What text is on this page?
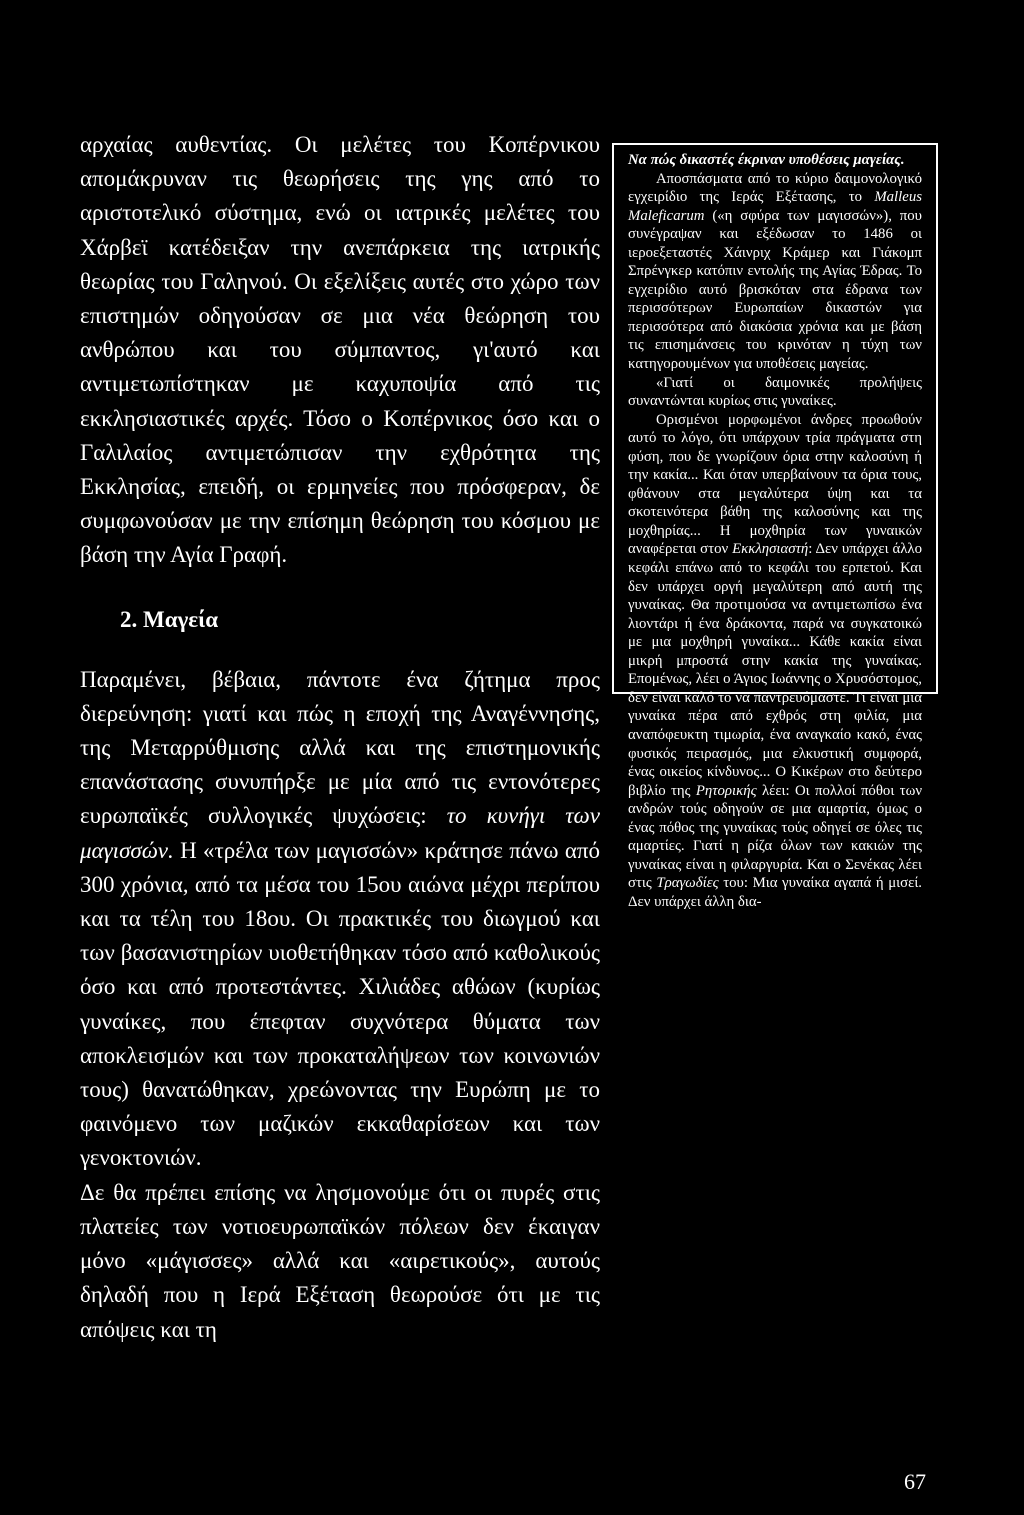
αρχαίας αυθεντίας. Οι μελέτες του Κοπέρνικου απομάκρυναν τις θεωρήσεις της γης από το αριστοτελικό σύστημα, ενώ οι ιατρικές μελέτες του Χάρβεϊ κατέδειξαν την ανεπάρκεια της ιατρικής θεωρίας του Γαληνού. Οι εξελίξεις αυτές στο χώρο των επιστημών οδηγούσαν σε μια νέα θεώρηση του ανθρώπου και του σύμπαντος, γι'αυτό και αντιμετωπίστηκαν με καχυποψία από τις εκκλησιαστικές αρχές. Τόσο ο Κοπέρνικος όσο και ο Γαλιλαίος αντιμετώπισαν την εχθρότητα της Εκκλησίας, επειδή, οι ερμηνείες που πρόσφεραν, δε συμφωνούσαν με την επίσημη θεώρηση του κόσμου με βάση την Αγία Γραφή.

2. Μαγεία

Παραμένει, βέβαια, πάντοτε ένα ζήτημα προς διερεύνηση: γιατί και πώς η εποχή της Αναγέννησης, της Μεταρρύθμισης αλλά και της επιστημονικής επανάστασης συνυπήρξε με μία από τις εντονότερες ευρωπαϊκές συλλογικές ψυχώσεις: το κυνήγι των μαγισσών. Η «τρέλα των μαγισσών» κράτησε πάνω από 300 χρόνια, από τα μέσα του 15ου αιώνα μέχρι περίπου και τα τέλη του 18ου. Οι πρακτικές του διωγμού και των βασανιστηρίων υιοθετήθηκαν τόσο από καθολικούς όσο και από προτεστάντες. Χιλιάδες αθώων (κυρίως γυναίκες, που έπεφταν συχνότερα θύματα των αποκλεισμών και των προκαταλήψεων των κοινωνιών τους) θανατώθηκαν, χρεώνοντας την Ευρώπη με το φαινόμενο των μαζικών εκκαθαρίσεων και των γενοκτονιών.

Δε θα πρέπει επίσης να λησμονούμε ότι οι πυρές στις πλατείες των νοτιοευρωπαϊκών πόλεων δεν έκαιγαν μόνο «μάγισσες» αλλά και «αιρετικούς», αυτούς δηλαδή που η Ιερά Εξέταση θεωρούσε ότι με τις απόψεις και τη

Να πώς δικαστές έκριναν υποθέσεις μαγείας.

Αποσπάσματα από το κύριο δαιμονολογικό εγχειρίδιο της Ιεράς Εξέτασης, το Malleus Maleficarum («η σφύρα των μαγισσών»), που συνέγραψαν και εξέδωσαν το 1486 οι ιεροεξεταστές Χάινριχ Κράμερ και Γιάκομπ Σπρένγκερ κατόπιν εντολής της Αγίας Έδρας. Το εγχειρίδιο αυτό βρισκόταν στα έδρανα των περισσότερων Ευρωπαίων δικαστών για περισσότερα από διακόσια χρόνια και με βάση τις επισημάνσεις του κρινόταν η τύχη των κατηγορουμένων για υποθέσεις μαγείας.

«Γιατί οι δαιμονικές προλήψεις συναντώνται κυρίως στις γυναίκες.

Ορισμένοι μορφωμένοι άνδρες προωθούν αυτό το λόγο, ότι υπάρχουν τρία πράγματα στη φύση, που δε γνωρίζουν όρια στην καλοσύνη ή την κακία... Και όταν υπερβαίνουν τα όρια τους, φθάνουν στα μεγαλύτερα ύψη και τα σκοτεινότερα βάθη της καλοσύνης και της μοχθηρίας... Η μοχθηρία των γυναικών αναφέρεται στον Εκκλησιαστή: Δεν υπάρχει άλλο κεφάλι επάνω από το κεφάλι του ερπετού. Και δεν υπάρχει οργή μεγαλύτερη από αυτή της γυναίκας. Θα προτιμούσα να αντιμετωπίσω ένα λιοντάρι ή ένα δράκοντα, παρά να συγκατοικώ με μια μοχθηρή γυναίκα... Κάθε κακία είναι μικρή μπροστά στην κακία της γυναίκας. Επομένως, λέει ο Άγιος Ιωάννης ο Χρυσόστομος, δεν είναι καλό το να παντρευόμαστε. Τι είναι μια γυναίκα πέρα από εχθρός στη φιλία, μια αναπόφευκτη τιμωρία, ένα αναγκαίο κακό, ένας φυσικός πειρασμός, μια ελκυστική συμφορά, ένας οικείος κίνδυνος... Ο Κικέρων στο δεύτερο βιβλίο της Ρητορικής λέει: Οι πολλοί πόθοι των ανδρών τούς οδηγούν σε μια αμαρτία, όμως ο ένας πόθος της γυναίκας τούς οδηγεί σε όλες τις αμαρτίες. Γιατί η ρίζα όλων των κακιών της γυναίκας είναι η φιλαργυρία. Και ο Σενέκας λέει στις Τραγωδίες του: Μια γυναίκα αγαπά ή μισεί. Δεν υπάρχει άλλη δια-

67
